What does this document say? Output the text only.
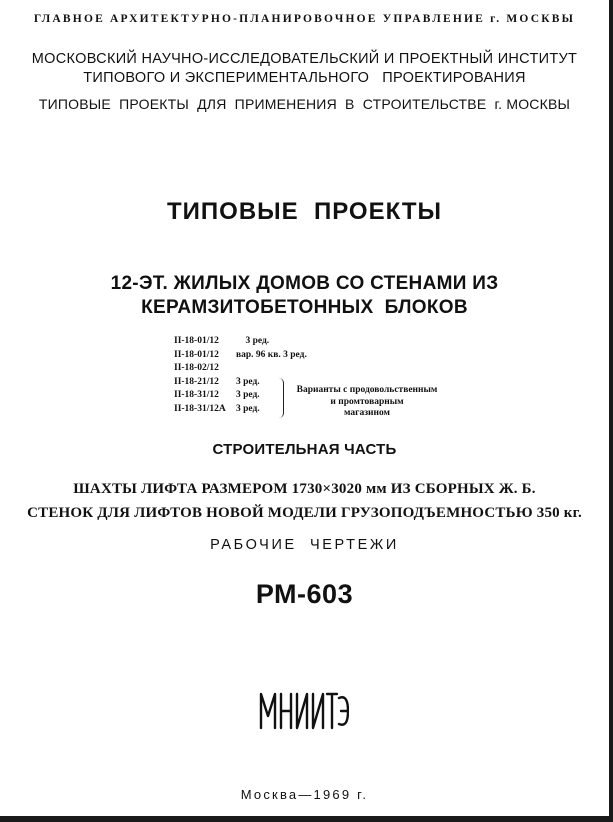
ГЛАВНОЕ АРХИТЕКТУРНО-ПЛАНИРОВОЧНОЕ УПРАВЛЕНИЕ г. МОСКВЫ
МОСКОВСКИЙ НАУЧНО-ИССЛЕДОВАТЕЛЬСКИЙ И ПРОЕКТНЫЙ ИНСТИТУТ
ТИПОВОГО И ЭКСПЕРИМЕНТАЛЬНОГО   ПРОЕКТИРОВАНИЯ
ТИПОВЫЕ  ПРОЕКТЫ  ДЛЯ  ПРИМЕНЕНИЯ  В  СТРОИТЕЛЬСТВЕ  г. МОСКВЫ
ТИПОВЫЕ  ПРОЕКТЫ
12-ЭТ. ЖИЛЫХ ДОМОВ СО СТЕНАМИ ИЗ
КЕРАМЗИТОБЕТОННЫХ  БЛОКОВ
II-18-01/12    3 ред.
II-18-01/12 вар. 96 кв. 3 ред.
II-18-02/12
II-18-21/12 3 ред.
II-18-31/12 3 ред.
II-18-31/12А 3 ред.
Варианты с продовольственным
и промтоварным
магазином
СТРОИТЕЛЬНАЯ ЧАСТЬ
ШАХТЫ ЛИФТА РАЗМЕРОМ 1730×3020 мм ИЗ СБОРНЫХ Ж. Б.
СТЕНОК ДЛЯ ЛИФТОВ НОВОЙ МОДЕЛИ ГРУЗОПОДЪЕМНОСТЬЮ 350 кг.
РАБОЧИЕ  ЧЕРТЕЖИ
РМ-603
Москва—1969 г.
